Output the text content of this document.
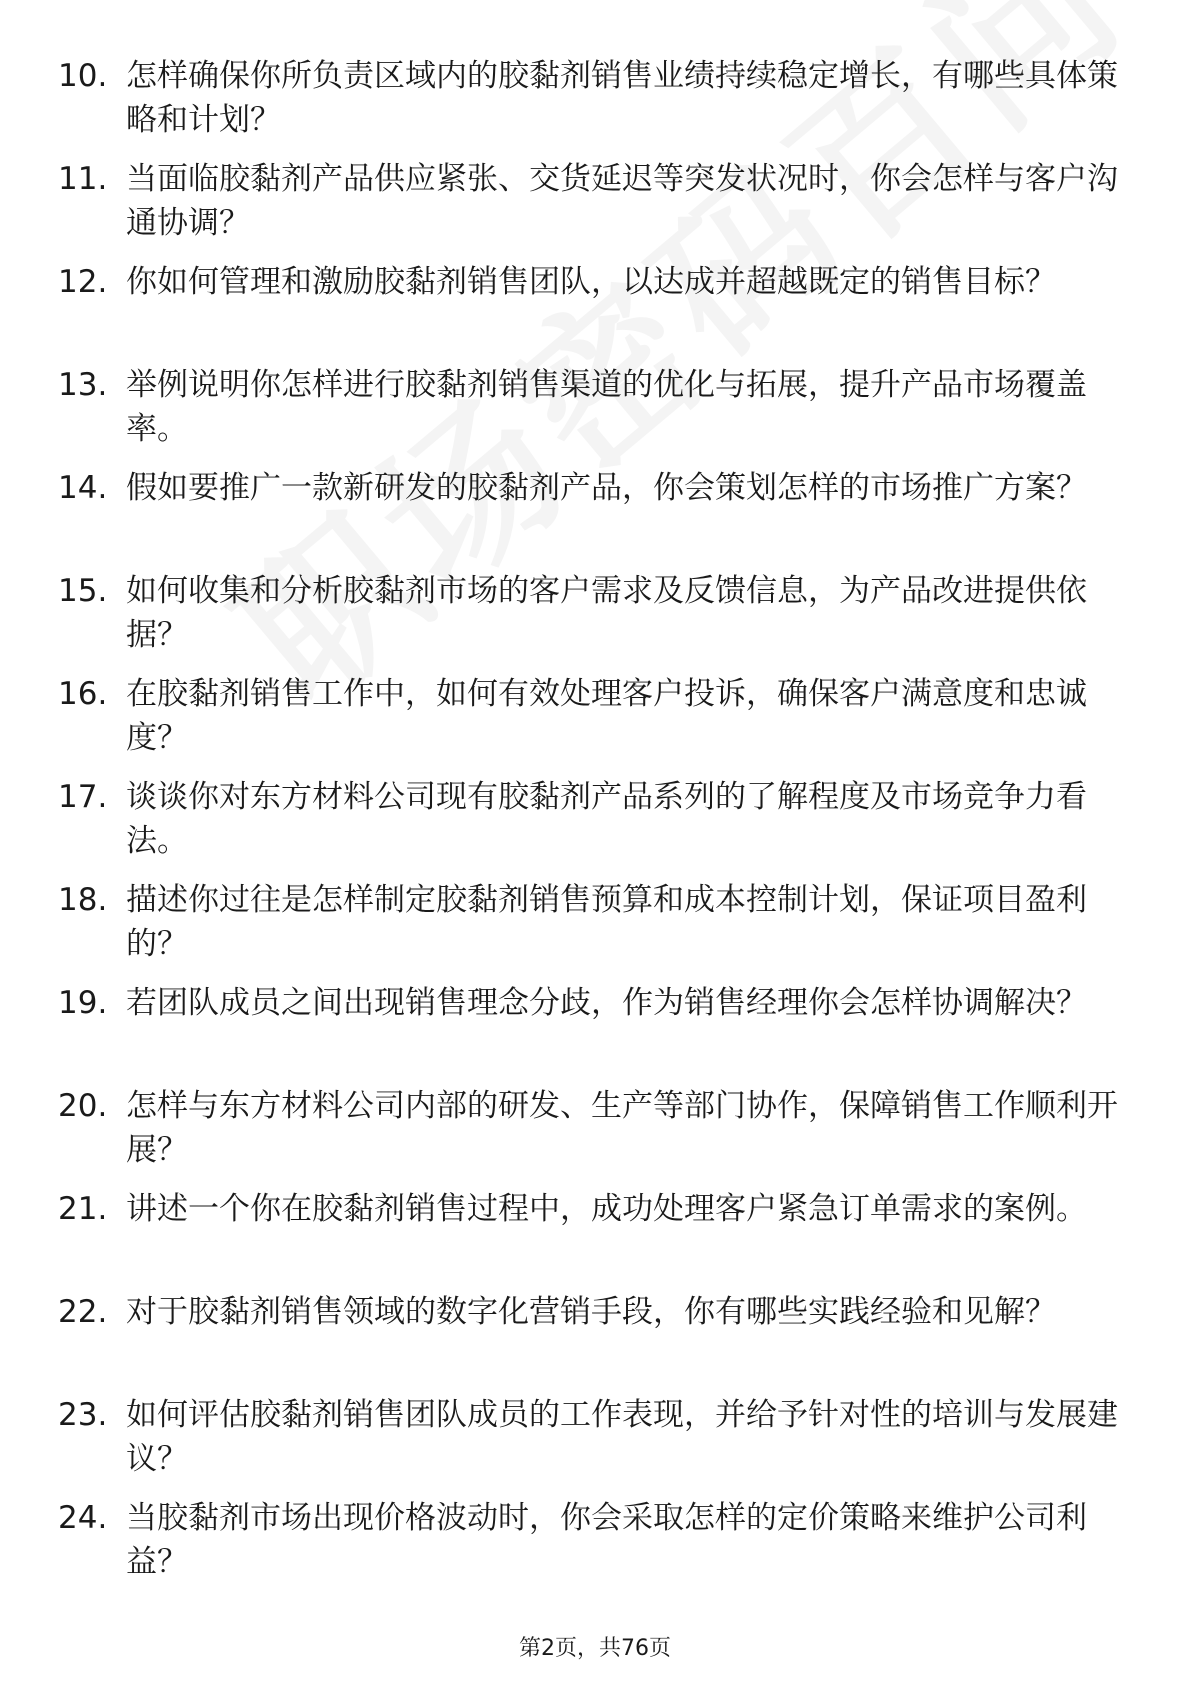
10. 怎样确保你所负责区域内的胶黏剂销售业绩持续稳定增长，有哪些具体策略和计划？
11. 当面临胶黏剂产品供应紧张、交货延迟等突发状况时，你会怎样与客户沟通协调？
12. 你如何管理和激励胶黏剂销售团队，以达成并超越既定的销售目标？
13. 举例说明你怎样进行胶黏剂销售渠道的优化与拓展，提升产品市场覆盖率。
14. 假如要推广一款新研发的胶黏剂产品，你会策划怎样的市场推广方案？
15. 如何收集和分析胶黏剂市场的客户需求及反馈信息，为产品改进提供依据？
16. 在胶黏剂销售工作中，如何有效处理客户投诉，确保客户满意度和忠诚度？
17. 谈谈你对东方材料公司现有胶黏剂产品系列的了解程度及市场竞争力看法。
18. 描述你过往是怎样制定胶黏剂销售预算和成本控制计划，保证项目盈利的？
19. 若团队成员之间出现销售理念分歧，作为销售经理你会怎样协调解决？
20. 怎样与东方材料公司内部的研发、生产等部门协作，保障销售工作顺利开展？
21. 讲述一个你在胶黏剂销售过程中，成功处理客户紧急订单需求的案例。
22. 对于胶黏剂销售领域的数字化营销手段，你有哪些实践经验和见解？
23. 如何评估胶黏剂销售团队成员的工作表现，并给予针对性的培训与发展建议？
24. 当胶黏剂市场出现价格波动时，你会采取怎样的定价策略来维护公司利益？
第2页，共76页
